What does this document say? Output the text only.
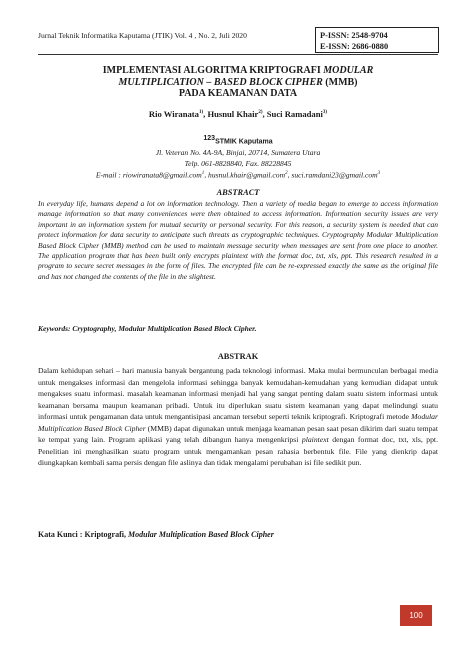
Jurnal Teknik Informatika Kaputama (JTIK) Vol. 4 , No. 2, Juli 2020	P-ISSN: 2548-9704
E-ISSN: 2686-0880
IMPLEMENTASI ALGORITMA KRIPTOGRAFI MODULAR
MULTIPLICATION – BASED BLOCK CIPHER (MMB)
PADA KEAMANAN DATA
Rio Wiranata$^{1)}$, Husnul Khair$^{2)}$, Suci Ramadani$^{3)}$
123STMIK Kaputama
Jl. Veteran No. 4A-9A, Binjai, 20714, Sumatera Utara
Telp. 061-8828840, Fax. 88228845
E-mail : riowiranata8@gmail.com$^1$, husnul.khair@gmail.com$^2$, suci.ramdani23@gmail.com$^3$
ABSTRACT
In everyday life, humans depend a lot on information technology. Then a variety of media began to emerge to access information manage information so that many conveniences were then obtained to access information. Information security issues are very important in an information system for mutual security or personal security. For this reason, a security system is needed that can protect information for data security to anticipate such threats as cryptographic techniques. Cryptography Modular Multiplication Based Block Cipher (MMB) method can be used to maintain message security when messages are sent from one place to another. The application program that has been built only encrypts plaintext with the format doc, txt, xls, ppt. This research resulted in a program to secure secret messages in the form of files. The encrypted file can be re-expressed exactly the same as the original file and has not changed the contents of the file in the slightest.
Keywords: Cryptography, Modular Multiplication Based Block Cipher.
ABSTRAK
Dalam kehidupan sehari – hari manusia banyak bergantung pada teknologi informasi. Maka mulai bermunculan berbagai media untuk mengakses informasi dan mengelola informasi sehingga banyak kemudahan-kemudahan yang kemudian didapat untuk mengakses suatu informasi. masalah keamanan informasi menjadi hal yang sangat penting dalam suatu sistem informasi untuk keamanan bersama maupun keamanan pribadi. Untuk itu diperlukan suatu sistem keamanan yang dapat melindungi suatu informasi untuk pengamanan data untuk mengantisipasi ancaman tersebut seperti teknik kriptografi. Kriptografi metode Modular Multiplication Based Block Cipher (MMB) dapat digunakan untuk menjaga keamanan pesan saat pesan dikirim dari suatu tempat ke tempat yang lain. Program aplikasi yang telah dibangun hanya mengenkripsi plaintext dengan format doc, txt, xls, ppt. Penelitian ini menghasilkan suatu program untuk mengamankan pesan rahasia berbentuk file. File yang dienkrip dapat diungkapkan kembali sama persis dengan file aslinya dan tidak mengalami perubahan isi file sedikit pun.
Kata Kunci : Kriptografi, Modular Multiplication Based Block Cipher
100
